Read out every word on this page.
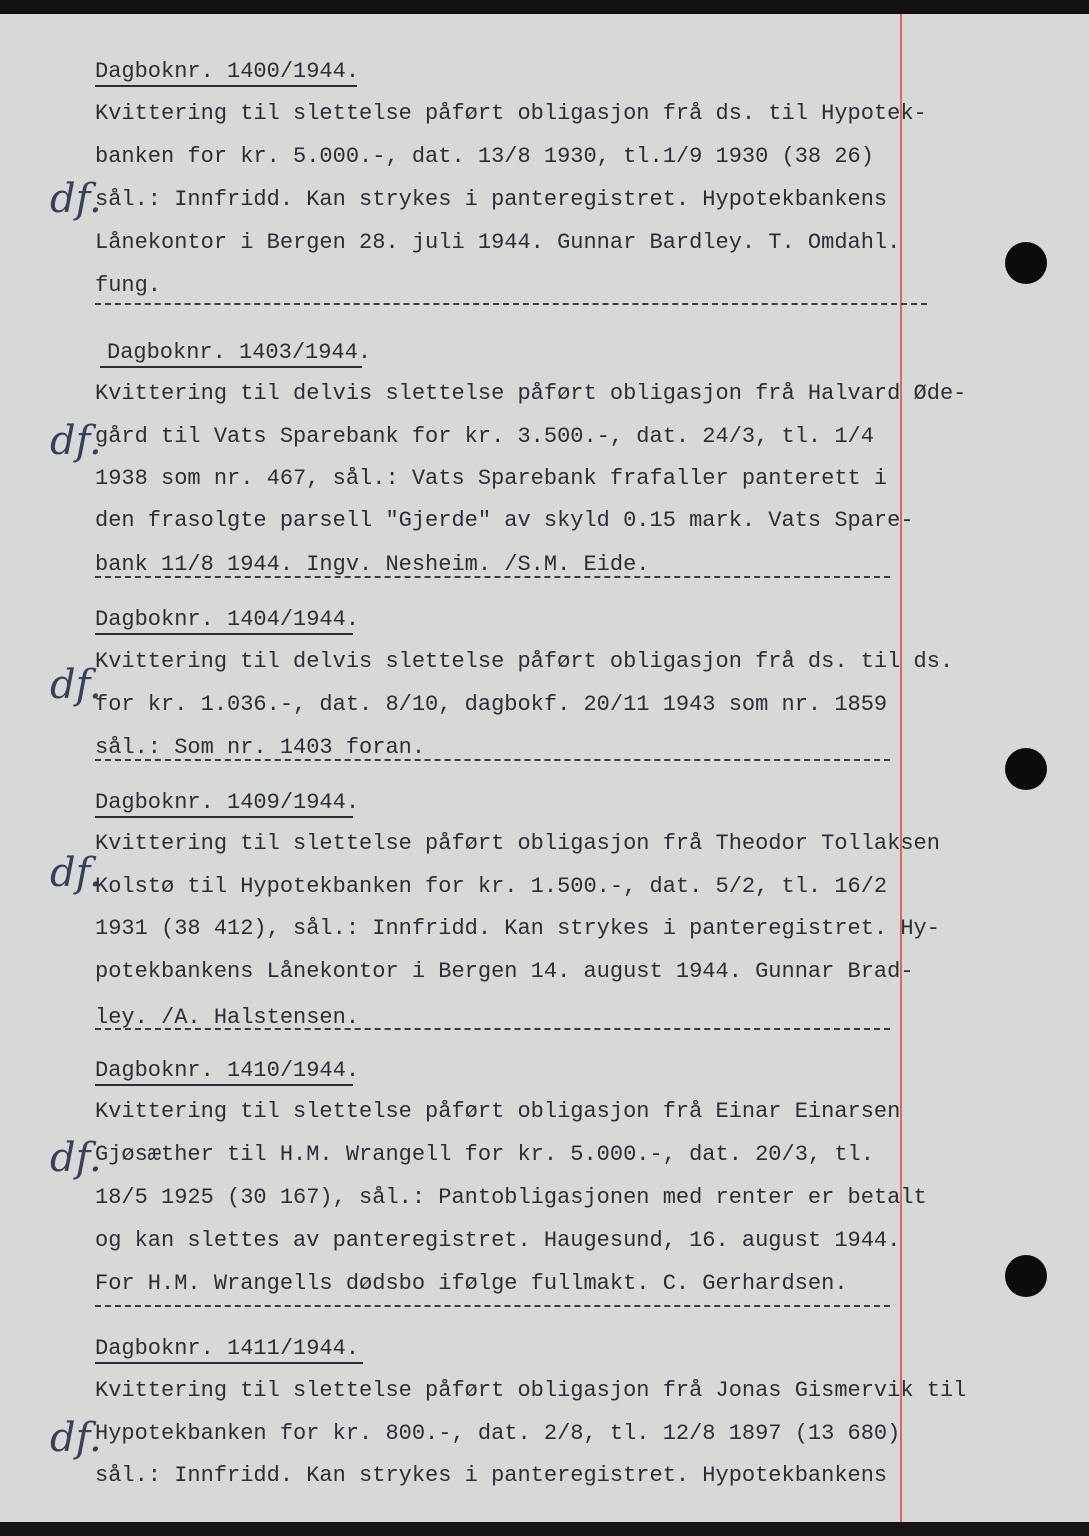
Dagboknr. 1400/1944.
df.
Kvittering til slettelse påført obligasjon frå ds. til Hypotek-
banken for kr. 5.000.-, dat. 13/8 1930, tl.1/9 1930 (38 26)
sål.: Innfridd. Kan strykes i panteregistret. Hypotekbankens
Lånekontor i Bergen 28. juli 1944. Gunnar Bardley. T. Omdahl.
fung.
Dagboknr. 1403/1944.
df.
Kvittering til delvis slettelse påført obligasjon frå Halvard Øde-
gård til Vats Sparebank for kr. 3.500.-, dat. 24/3, tl. 1/4
1938 som nr. 467, sål.: Vats Sparebank frafaller panterett i
den frasolgte parsell "Gjerde" av skyld 0.15 mark. Vats Spare-
bank 11/8 1944. Ingv. Nesheim. /S.M. Eide.
Dagboknr. 1404/1944.
df.
Kvittering til delvis slettelse påført obligasjon frå ds. til ds.
for kr. 1.036.-, dat. 8/10, dagbokf. 20/11 1943 som nr. 1859
sål.: Som nr. 1403 foran.
Dagboknr. 1409/1944.
df.
Kvittering til slettelse påført obligasjon frå Theodor Tollaksen
Kolstø til Hypotekbanken for kr. 1.500.-, dat. 5/2, tl. 16/2
1931 (38 412), sål.: Innfridd. Kan strykes i panteregistret. Hy-
potekbankens Lånekontor i Bergen 14. august 1944. Gunnar Brad-
ley. /A. Halstensen.
Dagboknr. 1410/1944.
df.
Kvittering til slettelse påført obligasjon frå Einar Einarsen
Gjøsæther til H.M. Wrangell for kr. 5.000.-, dat. 20/3, tl.
18/5 1925 (30 167), sål.: Pantobligasjonen med renter er betalt
og kan slettes av panteregistret. Haugesund, 16. august 1944.
For H.M. Wrangells dødsbo ifølge fullmakt. C. Gerhardsen.
Dagboknr. 1411/1944.
df.
Kvittering til slettelse påført obligasjon frå Jonas Gismervik til
Hypotekbanken for kr. 800.-, dat. 2/8, tl. 12/8 1897 (13 680)
sål.: Innfridd. Kan strykes i panteregistret. Hypotekbankens
